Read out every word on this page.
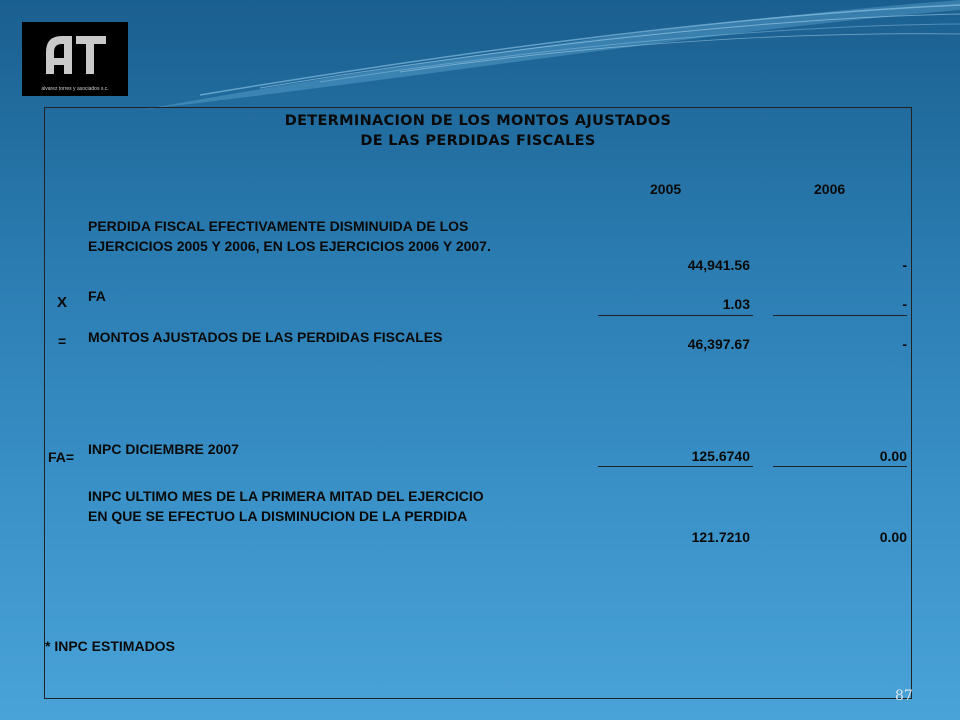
alvarez torres y asociados s.c.
DETERMINACION DE LOS MONTOS AJUSTADOS
DE LAS PERDIDAS FISCALES
2005	2006
PERDIDA FISCAL EFECTIVAMENTE DISMINUIDA DE LOS
EJERCICIOS 2005 Y 2006, EN LOS EJERCICIOS 2006 Y 2007.
44,941.56	-
X FA	1.03	-
= MONTOS AJUSTADOS DE LAS PERDIDAS FISCALES	46,397.67	-
FA= INPC DICIEMBRE 2007	125.6740	0.00
INPC ULTIMO MES DE LA PRIMERA MITAD DEL EJERCICIO
EN QUE SE EFECTUO LA DISMINUCION DE LA PERDIDA
121.7210	0.00
* INPC ESTIMADOS
87
